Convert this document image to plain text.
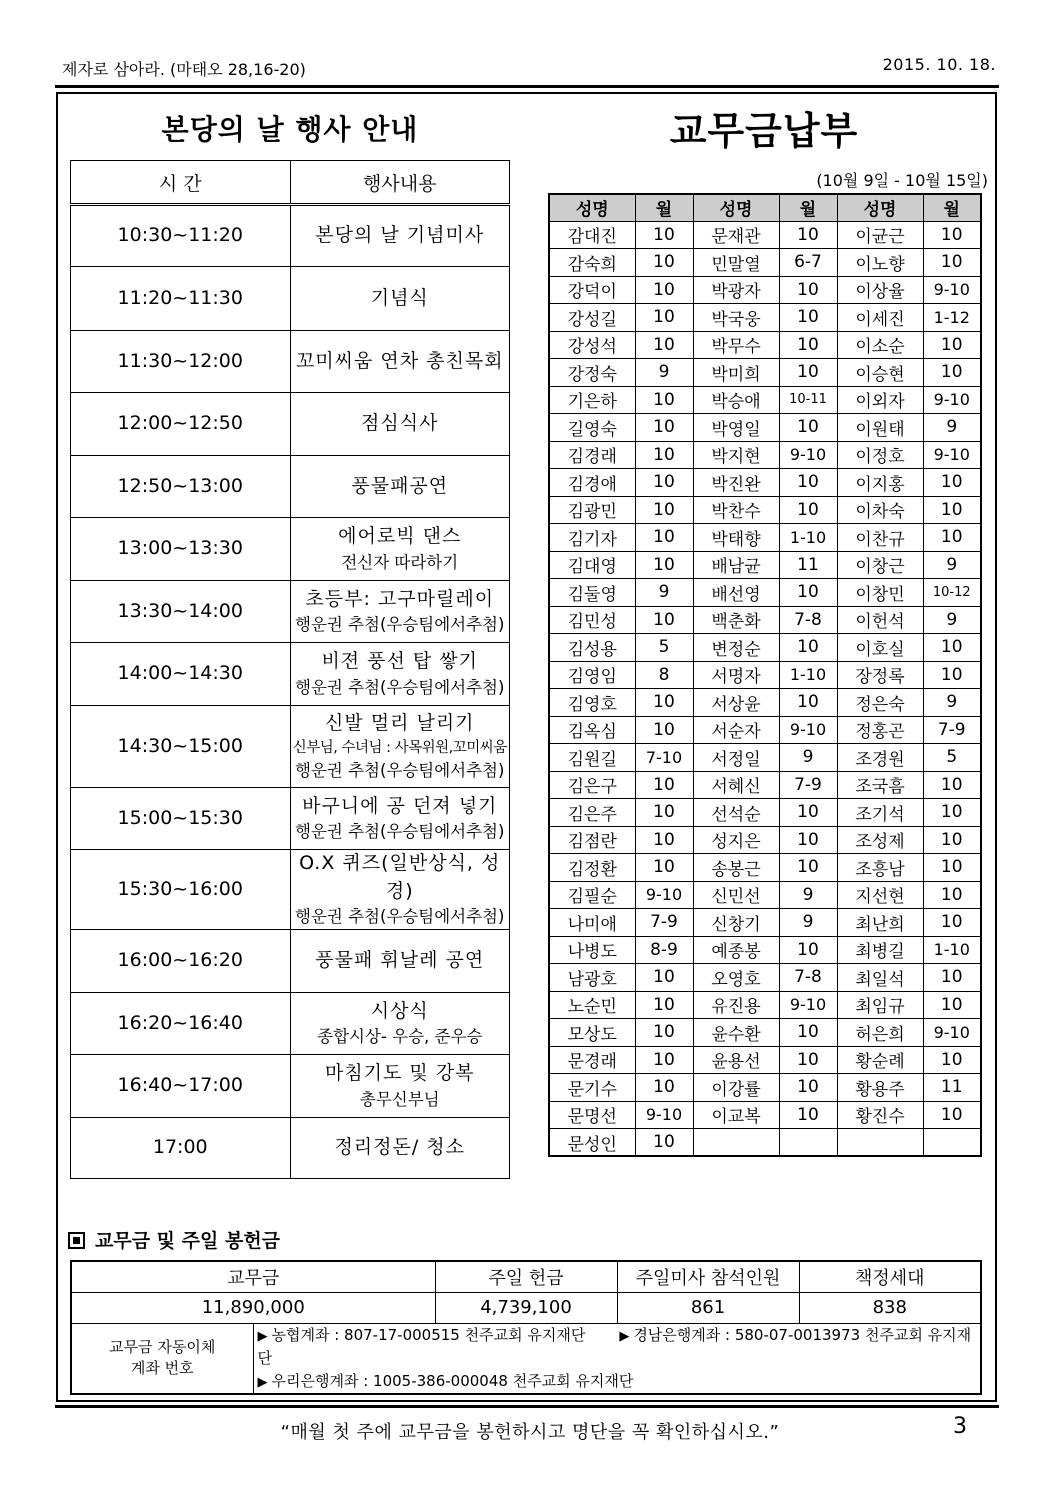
제자로 삼아라. (마태오 28,16-20)	2015. 10. 18.
본당의 날 행사 안내	교무금납부
(10월 9일 - 10월 15일)
시 간	행사내용
10:30~11:20	본당의 날 기념미사

11:20~11:30	기념식

11:30~12:00	꼬미씨움 연차 총친목회

12:00~12:50	점심식사

12:50~13:00	풍물패공연

13:00~13:30	에어로빅 댄스
전신자 따라하기

13:30~14:00	초등부: 고구마릴레이
행운권 추첨(우승팀에서추첨)

14:00~14:30	비젼 풍선 탑 쌓기
행운권 추첨(우승팀에서추첨)

14:30~15:00	신발 멀리 날리기
신부님, 수녀님 : 사목위원,꼬미씨움
행운권 추첨(우승팀에서추첨)

15:00~15:30	바구니에 공 던져 넣기
행운권 추첨(우승팀에서추첨)

15:30~16:00	O.X 퀴즈(일반상식, 성경)
행운권 추첨(우승팀에서추첨)

16:00~16:20	풍물패 휘날레 공연

16:20~16:40	시상식
종합시상- 우승, 준우승

16:40~17:00	마침기도 및 강복
총무신부님

17:00	정리정돈/ 청소
성명	월	성명	월	성명	월
감대진	10	문재관	10	이균근	10
감숙희	10	민말열	6-7	이노향	10
강덕이	10	박광자	10	이상율	9-10
강성길	10	박국웅	10	이세진	1-12
강성석	10	박무수	10	이소순	10
강정숙	9	박미희	10	이승현	10
기은하	10	박승애	10-11	이외자	9-10
길영숙	10	박영일	10	이원태	9
김경래	10	박지현	9-10	이정호	9-10
김경애	10	박진완	10	이지홍	10
김광민	10	박찬수	10	이차숙	10
김기자	10	박태향	1-10	이찬규	10
김대영	10	배남균	11	이창근	9
김둘영	9	배선영	10	이창민	10-12
김민성	10	백춘화	7-8	이헌석	9
김성용	5	변정순	10	이호실	10
김영임	8	서명자	1-10	장정록	10
김영호	10	서상윤	10	정은숙	9
김옥심	10	서순자	9-10	정홍곤	7-9
김원길	7-10	서정일	9	조경원	5
김은구	10	서혜신	7-9	조국흠	10
김은주	10	선석순	10	조기석	10
김점란	10	성지은	10	조성제	10
김정환	10	송봉근	10	조흥남	10
김필순	9-10	신민선	9	지선현	10
나미애	7-9	신창기	9	최난희	10
나병도	8-9	예종봉	10	최병길	1-10
남광호	10	오영호	7-8	최일석	10
노순민	10	유진용	9-10	최임규	10
모상도	10	윤수환	10	허은희	9-10
문경래	10	윤용선	10	황순례	10
문기수	10	이강률	10	황용주	11
문명선	9-10	이교복	10	황진수	10
문성인	10				
교무금 및 주일 봉헌금
교무금		주일 헌금	주일미사 참석인원	책정세대
11,890,000		4,739,100	861	838
교무금 자동이체
계좌 번호	▶ 농협계좌 : 807-17-000515 천주교회 유지재단 ▶ 경남은행계좌 : 580-07-0013973 천주교회 유지재단
▶ 우리은행계좌 : 1005-386-000048 천주교회 유지재단			
“매월 첫 주에 교무금을 봉헌하시고 명단을 꼭 확인하십시오.”	3
